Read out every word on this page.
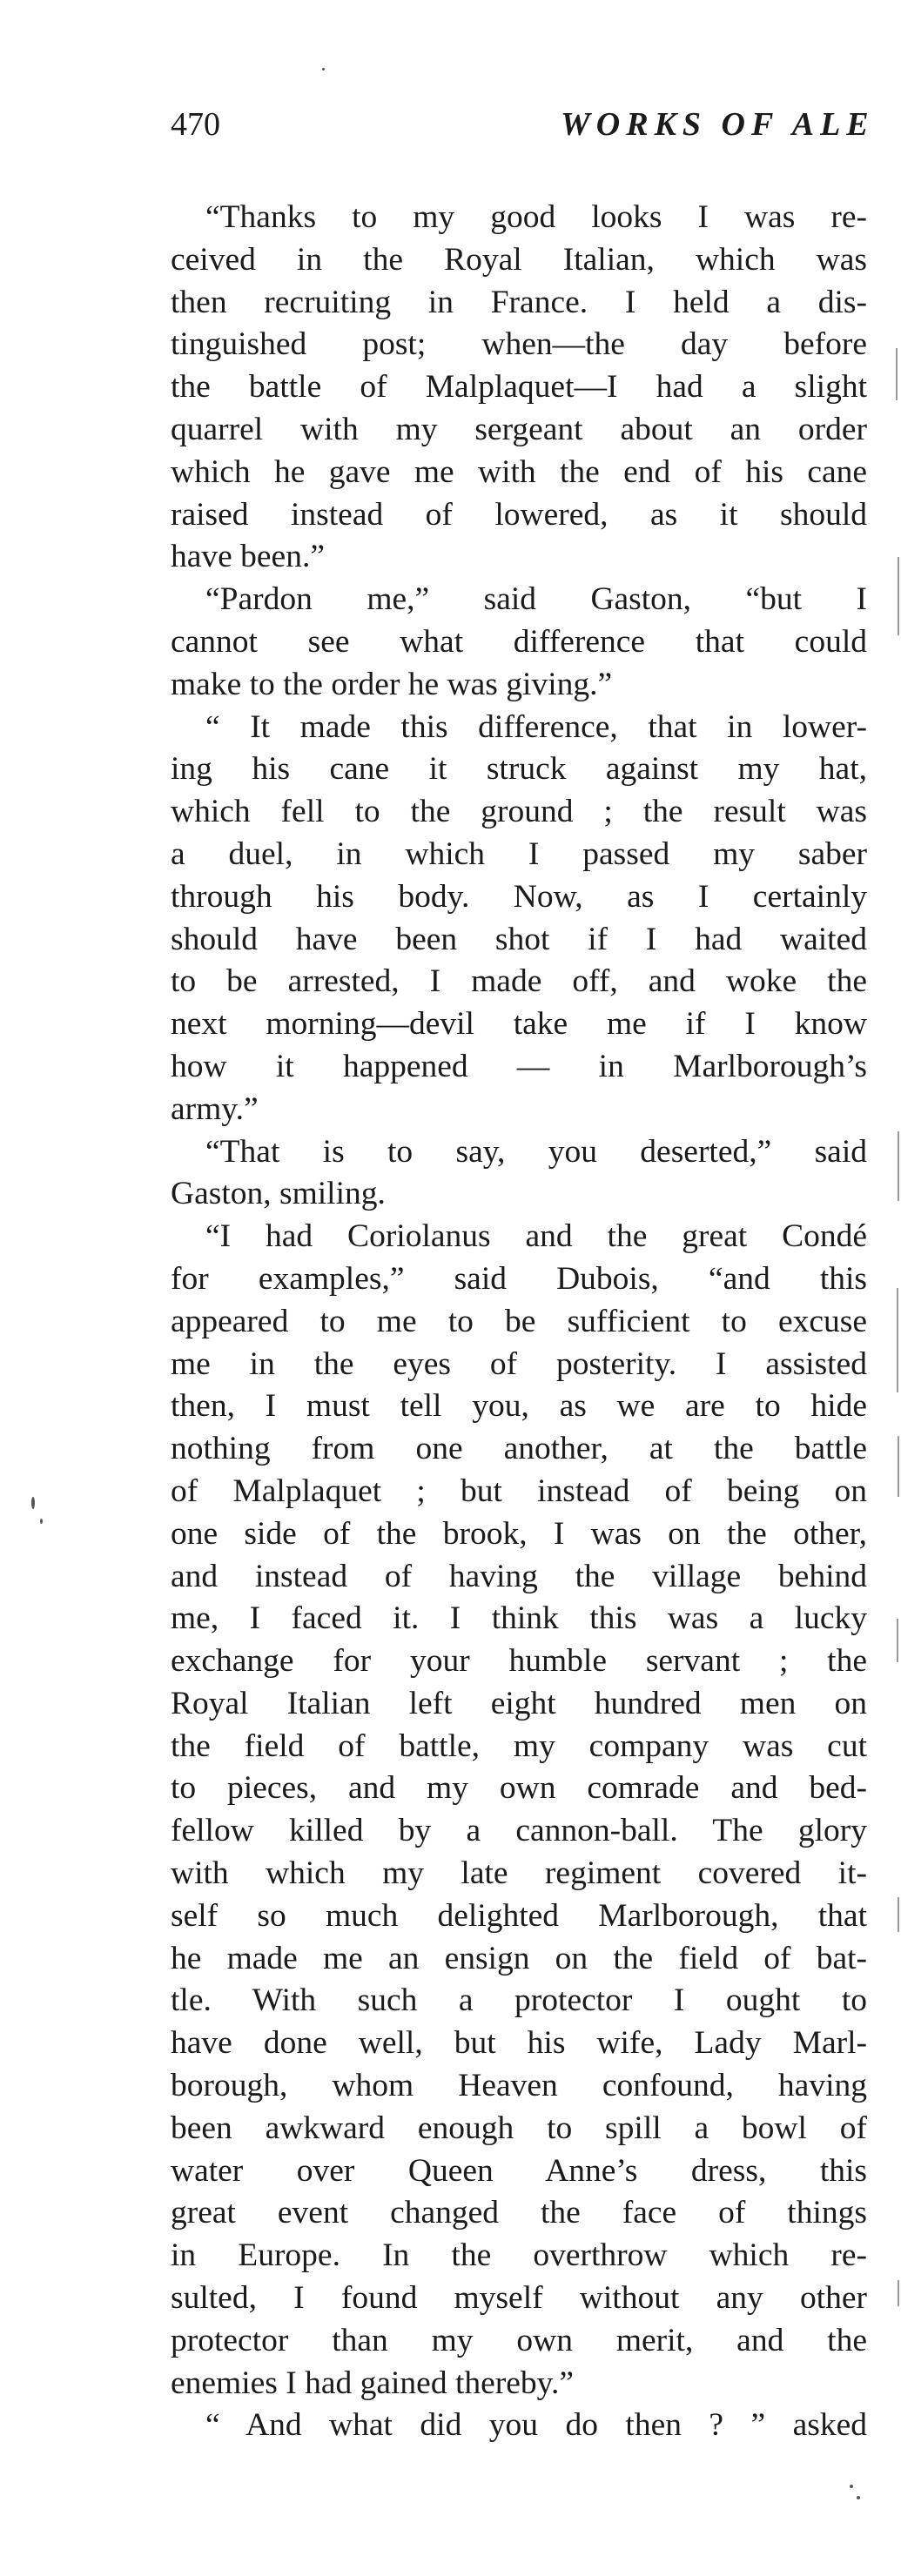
470	WORKS OF ALE
“Thanks to my good looks I was re-
ceived in the Royal Italian, which was
then recruiting in France. I held a dis-
tinguished post; when—the day before
the battle of Malplaquet—I had a slight
quarrel with my sergeant about an order
which he gave me with the end of his cane
raised instead of lowered, as it should
have been.”
“Pardon me,” said Gaston, “but I
cannot see what difference that could
make to the order he was giving.”
“ It made this difference, that in lower-
ing his cane it struck against my hat,
which fell to the ground ; the result was
a duel, in which I passed my saber
through his body. Now, as I certainly
should have been shot if I had waited
to be arrested, I made off, and woke the
next morning—devil take me if I know
how it happened — in Marlborough’s
army.”
“That is to say, you deserted,” said
Gaston, smiling.
“I had Coriolanus and the great Condé
for examples,” said Dubois, “and this
appeared to me to be sufficient to excuse
me in the eyes of posterity. I assisted
then, I must tell you, as we are to hide
nothing from one another, at the battle
of Malplaquet ; but instead of being on
one side of the brook, I was on the other,
and instead of having the village behind
me, I faced it. I think this was a lucky
exchange for your humble servant ; the
Royal Italian left eight hundred men on
the field of battle, my company was cut
to pieces, and my own comrade and bed-
fellow killed by a cannon-ball. The glory
with which my late regiment covered it-
self so much delighted Marlborough, that
he made me an ensign on the field of bat-
tle. With such a protector I ought to
have done well, but his wife, Lady Marl-
borough, whom Heaven confound, having
been awkward enough to spill a bowl of
water over Queen Anne’s dress, this
great event changed the face of things
in Europe. In the overthrow which re-
sulted, I found myself without any other
protector than my own merit, and the
enemies I had gained thereby.”
“ And what did you do then ? ” asked
